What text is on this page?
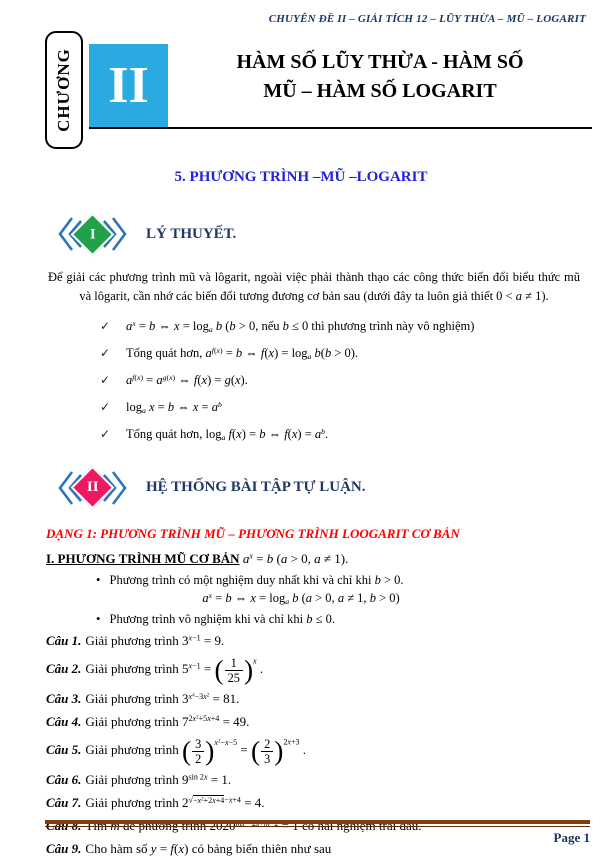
CHUYÊN ĐỀ II – GIẢI TÍCH 12 – LŨY THỪA – MŨ – LOGARIT
CHƯƠNG II	HÀM SỐ LŨY THỪA - HÀM SỐ
MŨ – HÀM SỐ LOGARIT
5. PHƯƠNG TRÌNH –MŨ –LOGARIT
I	LÝ THUYẾT.

Để giải các phương trình mũ và lôgarit, ngoài việc phải thành thạo các công thức biến đổi biểu thức mũ và lôgarit, cần nhớ các biến đổi tương đương cơ bản sau (dưới đây ta luôn giả thiết 0 < a ≠ 1).

✓	$a^x = b$ ⇔ $x = \log_a b$ (b > 0, nếu b ≤ 0 thì phương trình này vô nghiệm)
✓	Tổng quát hơn, $a^{f(x)} = b$ ⇔ $f(x) = \log_a b(b > 0)$.
✓	$a^{f(x)} = a^{g(x)}$ ⇔ f(x) = g(x).
✓	$\log_a x = b$ ⇔ $x = a^b$
✓	Tổng quát hơn, $\log_a f(x) = b$ ⇔ $f(x) = a^b$.
II	HỆ THỐNG BÀI TẬP TỰ LUẬN.
DẠNG 1: PHƯƠNG TRÌNH MŨ – PHƯƠNG TRÌNH LOOGARIT CƠ BẢN
I. PHƯƠNG TRÌNH MŨ CƠ BẢN $a^x = b$ (a > 0, a ≠ 1).
• Phương trình có một nghiệm duy nhất khi và chỉ khi b > 0.
$a^x = b$ ⇔ $x = \log_a b$ (a > 0, a ≠ 1, b > 0)
• Phương trình vô nghiệm khi và chỉ khi b ≤ 0.
Câu 1. Giải phương trình $3^{x-1} = 9$.
Câu 2. Giải phương trình $5^{x-1}$ = ( $\frac{1}{25}$ ) $^x$ .
Câu 3. Giải phương trình $3^{x^4-3x^2} = 81$.
Câu 4. Giải phương trình $7^{2x^2+5x+4} = 49$.
Câu 5. Giải phương trình ( $\frac{3}{2}$ ) $^{x^2-x-5}$ = ( $\frac{2}{3}$ ) $^{2x+3}$ .
Câu 6. Giải phương trình $9^{sin 2x} = 1$.
Câu 7. Giải phương trình $2^{√-x^2+2x+4-x+4} = 4$.
Câu 9. Cho hàm số y = f(x) có bảng biến thiên như sau
Page 1
